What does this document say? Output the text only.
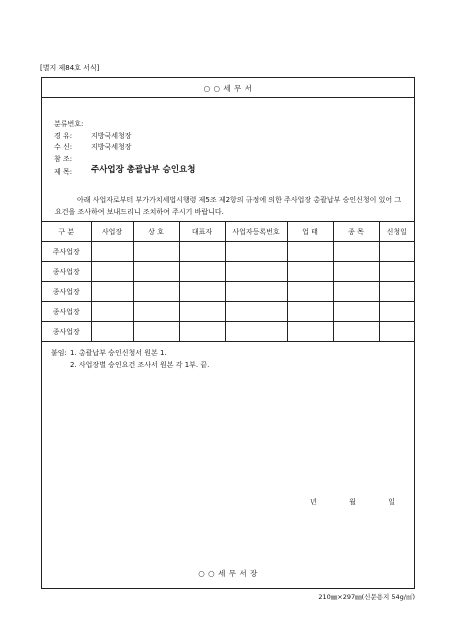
[별지 제84호 서식]
○ ○ 세 무 서
분류번호:
경 유:	지방국세청장
수 신:	지방국세청장
참 조:
제 목:	주사업장 총괄납부 승인요청

아래 사업자로부터 부가가치세법시행령 제5조 제2항의 규정에 의한 주사업장 총괄납부 승인신청이 있어 그 요건을 조사하여 보내드리니 조치하여 주시기 바랍니다.

구 분	사업장	상 호	대표자	사업자등록번호	업 태	종 목	신청일
주사업장							
종사업장							
종사업장							
종사업장							
종사업장							
붙임: 1. 총괄납부 승인신청서 원본 1.
2. 사업장별 승인요건 조사서 원본 각 1부. 끝.
년	월	일
○ ○ 세 무 서 장
210㎜×297㎜(신문용지 54g/㎡)
